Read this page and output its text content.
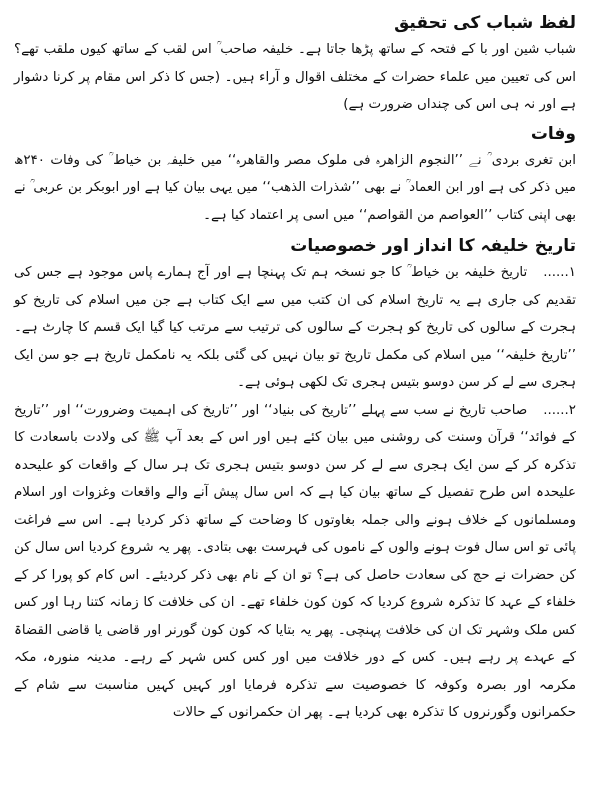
لفظ شباب کی تحقیق

شباب شین اور با کے فتحہ کے ساتھ پڑھا جاتا ہے۔ خلیفہ صاحب ؒ اس لقب کے ساتھ کیوں ملقب تھے؟ اس کی تعیین میں علماء حضرات کے مختلف اقوال و آراء ہیں۔ (جس کا ذکر اس مقام پر کرنا دشوار ہے اور نہ ہی اس کی چنداں ضرورت ہے)

وفات

ابن تغری بردی ؒ نے ’’النجوم الزاھرہ فی ملوک مصر والقاھرہ‘‘ میں خلیفہ بن خیاط ؒ کی وفات ۲۴۰ھ میں ذکر کی ہے اور ابن العماد ؒ نے بھی ’’شذرات الذھب‘‘ میں یہی بیان کیا ہے اور ابوبکر بن عربی ؒ نے بھی اپنی کتاب ’’العواصم من القواصم‘‘ میں اسی پر اعتماد کیا ہے۔

تاریخ خلیفہ کا انداز اور خصوصیات

۱......تاریخ خلیفہ بن خیاط ؒ کا جو نسخہ ہم تک پہنچا ہے اور آج ہمارے پاس موجود ہے جس کی تقدیم کی جاری ہے یہ تاریخ اسلام کی ان کتب میں سے ایک کتاب ہے جن میں اسلام کی تاریخ کو ہجرت کے سالوں کی تاریخ کو ہجرت کے سالوں کی ترتیب سے مرتب کیا گیا ایک قسم کا چارٹ ہے۔ ’’تاریخ خلیفہ‘‘ میں اسلام کی مکمل تاریخ تو بیان نہیں کی گئی بلکہ یہ نامکمل تاریخ ہے جو سن ایک ہجری سے لے کر سن دوسو بتیس ہجری تک لکھی ہوئی ہے۔

۲......صاحب تاریخ نے سب سے پہلے ’’تاریخ کی بنیاد‘‘ اور ’’تاریخ کی اہمیت وضرورت‘‘ اور ’’تاریخ کے فوائد‘‘ قرآن وسنت کی روشنی میں بیان کئے ہیں اور اس کے بعد آپ ﷺ کی ولادت باسعادت کا تذکرہ کر کے سن ایک ہجری سے لے کر سن دوسو بتیس ہجری تک ہر سال کے واقعات کو علیحدہ علیحدہ اس طرح تفصیل کے ساتھ بیان کیا ہے کہ اس سال پیش آنے والے واقعات وغزوات اور اسلام ومسلمانوں کے خلاف ہونے والی جملہ بغاوتوں کا وضاحت کے ساتھ ذکر کردیا ہے۔ اس سے فراغت پائی تو اس سال فوت ہونے والوں کے ناموں کی فہرست بھی بتادی۔ پھر یہ شروع کردیا اس سال کن کن حضرات نے حج کی سعادت حاصل کی ہے؟ تو ان کے نام بھی ذکر کردیئے۔ اس کام کو پورا کر کے خلفاء کے عہد کا تذکرہ شروع کردیا کہ کون کون خلفاء تھے۔ ان کی خلافت کا زمانہ کتنا رہا اور کس کس ملک وشہر تک ان کی خلافت پہنچی۔ پھر یہ بتایا کہ کون کون گورنر اور قاضی یا قاضی القضاۃ کے عہدے پر رہے ہیں۔ کس کے دور خلافت میں اور کس کس شہر کے رہے۔ مدینہ منورہ، مکہ مکرمہ اور بصرہ وکوفہ کا خصوصیت سے تذکرہ فرمایا اور کہیں کہیں مناسبت سے شام کے حکمرانوں وگورنروں کا تذکرہ بھی کردیا ہے۔ پھر ان حکمرانوں کے حالات
